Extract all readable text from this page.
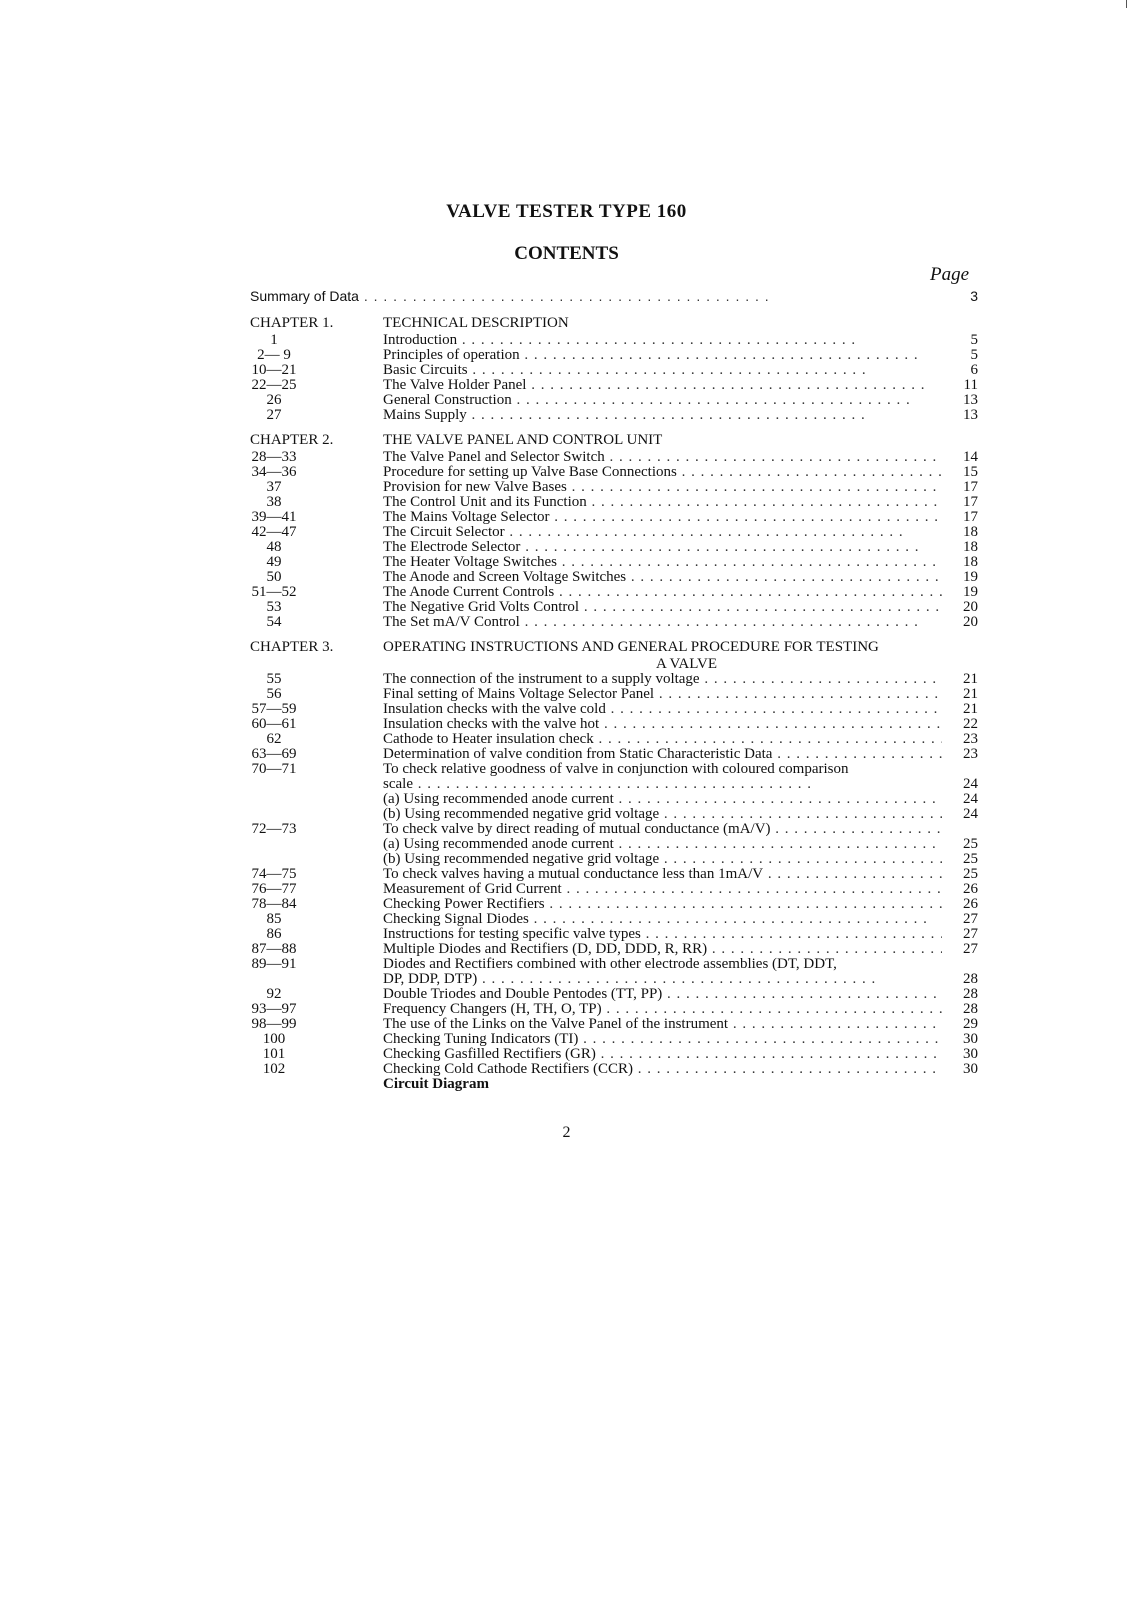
VALVE TESTER TYPE 160
CONTENTS
Page
Summary of Data . .	3
CHAPTER 1.	TECHNICAL DESCRIPTION
1	Introduction . .	5
2— 9	Principles of operation . .	5
10—21	Basic Circuits . .	6
22—25	The Valve Holder Panel . .	11
26	General Construction . .	13
27	Mains Supply . .	13
CHAPTER 2.	THE VALVE PANEL AND CONTROL UNIT
28—33	The Valve Panel and Selector Switch . .	14
34—36	Procedure for setting up Valve Base Connections . .	15
37	Provision for new Valve Bases . .	17
38	The Control Unit and its Function . .	17
39—41	The Mains Voltage Selector . .	17
42—47	The Circuit Selector . .	18
48	The Electrode Selector . .	18
49	The Heater Voltage Switches . .	18
50	The Anode and Screen Voltage Switches . .	19
51—52	The Anode Current Controls . .	19
53	The Negative Grid Volts Control . .	20
54	The Set mA/V Control . .	20
CHAPTER 3.	OPERATING INSTRUCTIONS AND GENERAL PROCEDURE FOR TESTING
A VALVE
55	The connection of the instrument to a supply voltage . .	21
56	Final setting of Mains Voltage Selector Panel . .	21
57—59	Insulation checks with the valve cold . .	21
60—61	Insulation checks with the valve hot . .	22
62	Cathode to Heater insulation check . .	23
63—69	Determination of valve condition from Static Characteristic Data . .	23
70—71	To check relative goodness of valve in conjunction with coloured comparison
scale . .	24
(a) Using recommended anode current . .	24
(b) Using recommended negative grid voltage . .	24
72—73	To check valve by direct reading of mutual conductance (mA/V) . .
(a) Using recommended anode current . .	25
(b) Using recommended negative grid voltage . .	25
74—75	To check valves having a mutual conductance less than 1mA/V . .	25
76—77	Measurement of Grid Current . .	26
78—84	Checking Power Rectifiers . .	26
85	Checking Signal Diodes . .	27
86	Instructions for testing specific valve types . .	27
87—88	Multiple Diodes and Rectifiers (D, DD, DDD, R, RR) . .	27
89—91	Diodes and Rectifiers combined with other electrode assemblies (DT, DDT,
DP, DDP, DTP) . .	28
92	Double Triodes and Double Pentodes (TT, PP) . .	28
93—97	Frequency Changers (H, TH, O, TP) . .	28
98—99	The use of the Links on the Valve Panel of the instrument . .	29
100	Checking Tuning Indicators (TI) . .	30
101	Checking Gasfilled Rectifiers (GR) . .	30
102	Checking Cold Cathode Rectifiers (CCR) . .	30
Circuit Diagram
2
